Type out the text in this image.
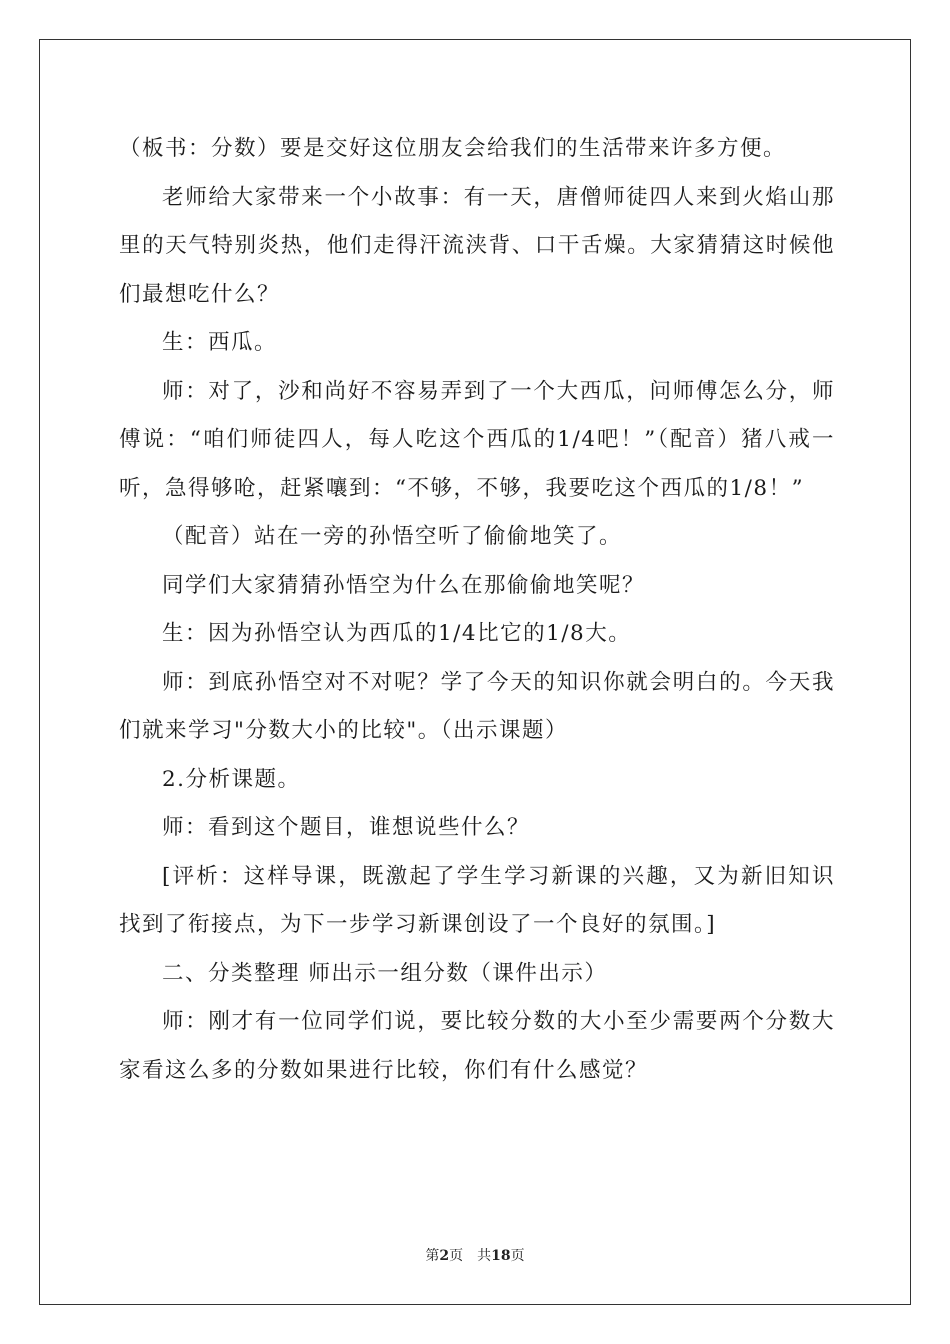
（板书：分数）要是交好这位朋友会给我们的生活带来许多方便。

老师给大家带来一个小故事：有一天，唐僧师徒四人来到火焰山那里的天气特别炎热，他们走得汗流浃背、口干舌燥。大家猜猜这时候他们最想吃什么？

生：西瓜。

师：对了，沙和尚好不容易弄到了一个大西瓜，问师傅怎么分，师傅说：“咱们师徒四人，每人吃这个西瓜的1/4吧！”（配音）猪八戒一听，急得够呛，赶紧嚷到：“不够，不够，我要吃这个西瓜的1/8！”

（配音）站在一旁的孙悟空听了偷偷地笑了。

同学们大家猜猜孙悟空为什么在那偷偷地笑呢？

生：因为孙悟空认为西瓜的1/4比它的1/8大。

师：到底孙悟空对不对呢？学了今天的知识你就会明白的。今天我们就来学习"分数大小的比较"。（出示课题）

2.分析课题。

师：看到这个题目，谁想说些什么？

[评析：这样导课，既激起了学生学习新课的兴趣，又为新旧知识找到了衔接点，为下一步学习新课创设了一个良好的氛围。]

二、分类整理 师出示一组分数（课件出示）

师：刚才有一位同学们说，要比较分数的大小至少需要两个分数大家看这么多的分数如果进行比较，你们有什么感觉？

第2页 共18页
